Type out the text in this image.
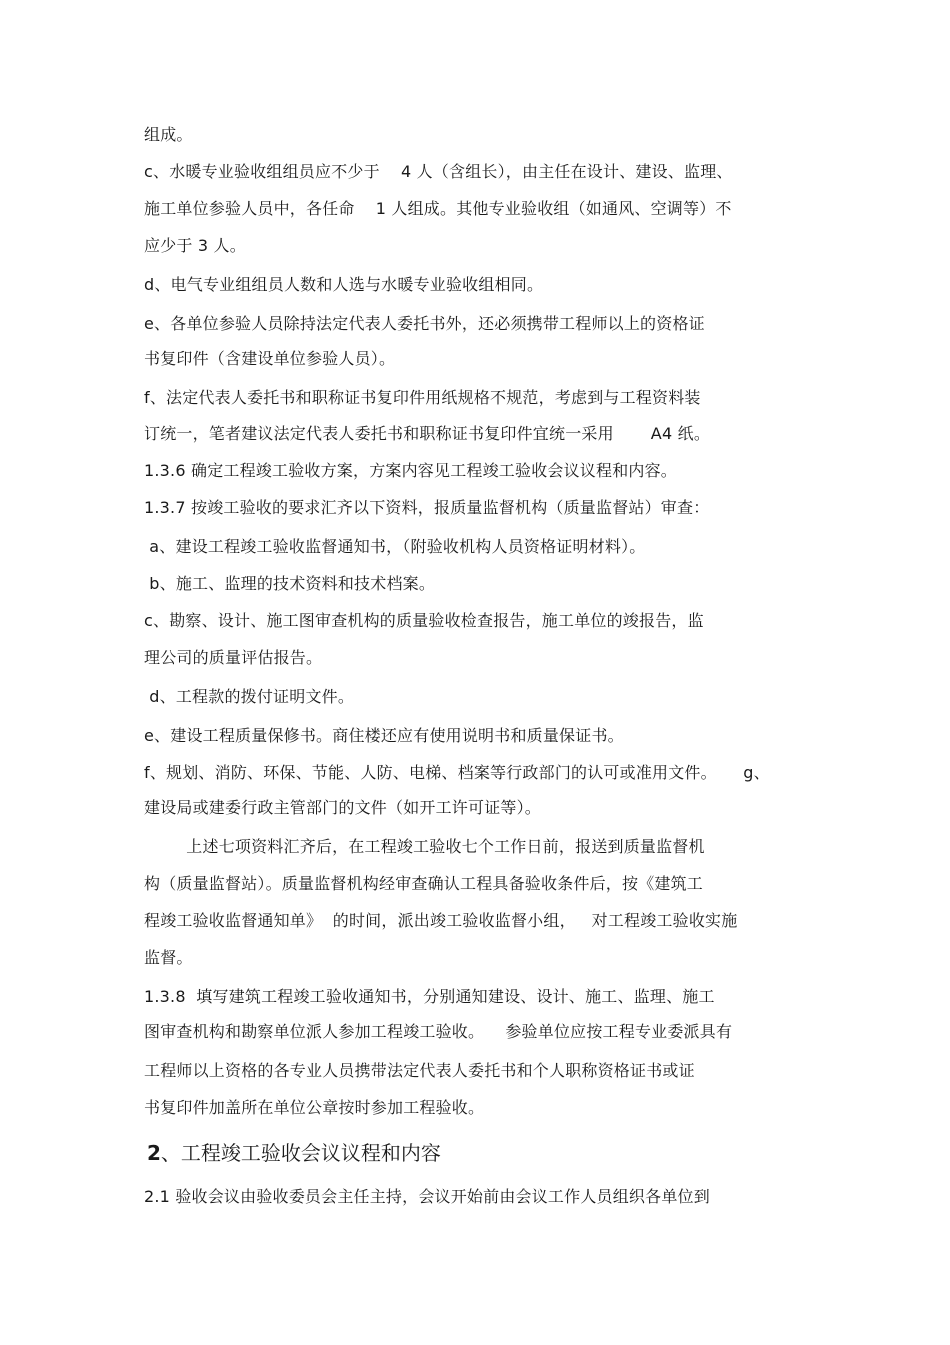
组成。
c、水暖专业验收组组员应不少于    4 人（含组长），由主任在设计、建设、监理、
施工单位参验人员中，各任命    1 人组成。其他专业验收组（如通风、空调等）不
应少于 3 人。
d、电气专业组组员人数和人选与水暖专业验收组相同。
e、各单位参验人员除持法定代表人委托书外，还必须携带工程师以上的资格证
书复印件（含建设单位参验人员）。
f、法定代表人委托书和职称证书复印件用纸规格不规范，考虑到与工程资料装
订统一，笔者建议法定代表人委托书和职称证书复印件宜统一采用       A4 纸。
1.3.6 确定工程竣工验收方案，方案内容见工程竣工验收会议议程和内容。
1.3.7 按竣工验收的要求汇齐以下资料，报质量监督机构（质量监督站）审查：
a、建设工程竣工验收监督通知书，（附验收机构人员资格证明材料）。
b、施工、监理的技术资料和技术档案。
c、勘察、设计、施工图审查机构的质量验收检查报告，施工单位的竣报告，监
理公司的质量评估报告。
d、工程款的拨付证明文件。
e、建设工程质量保修书。商住楼还应有使用说明书和质量保证书。
f、规划、消防、环保、节能、人防、电梯、档案等行政部门的认可或准用文件。     g、
建设局或建委行政主管部门的文件（如开工许可证等）。
上述七项资料汇齐后，在工程竣工验收七个工作日前，报送到质量监督机
构（质量监督站）。质量监督机构经审查确认工程具备验收条件后，按《建筑工
程竣工验收监督通知单》  的时间，派出竣工验收监督小组，   对工程竣工验收实施
监督。
1.3.8  填写建筑工程竣工验收通知书，分别通知建设、设计、施工、监理、施工
图审查机构和勘察单位派人参加工程竣工验收。    参验单位应按工程专业委派具有
工程师以上资格的各专业人员携带法定代表人委托书和个人职称资格证书或证
书复印件加盖所在单位公章按时参加工程验收。
2、工程竣工验收会议议程和内容
2.1 验收会议由验收委员会主任主持，会议开始前由会议工作人员组织各单位到
